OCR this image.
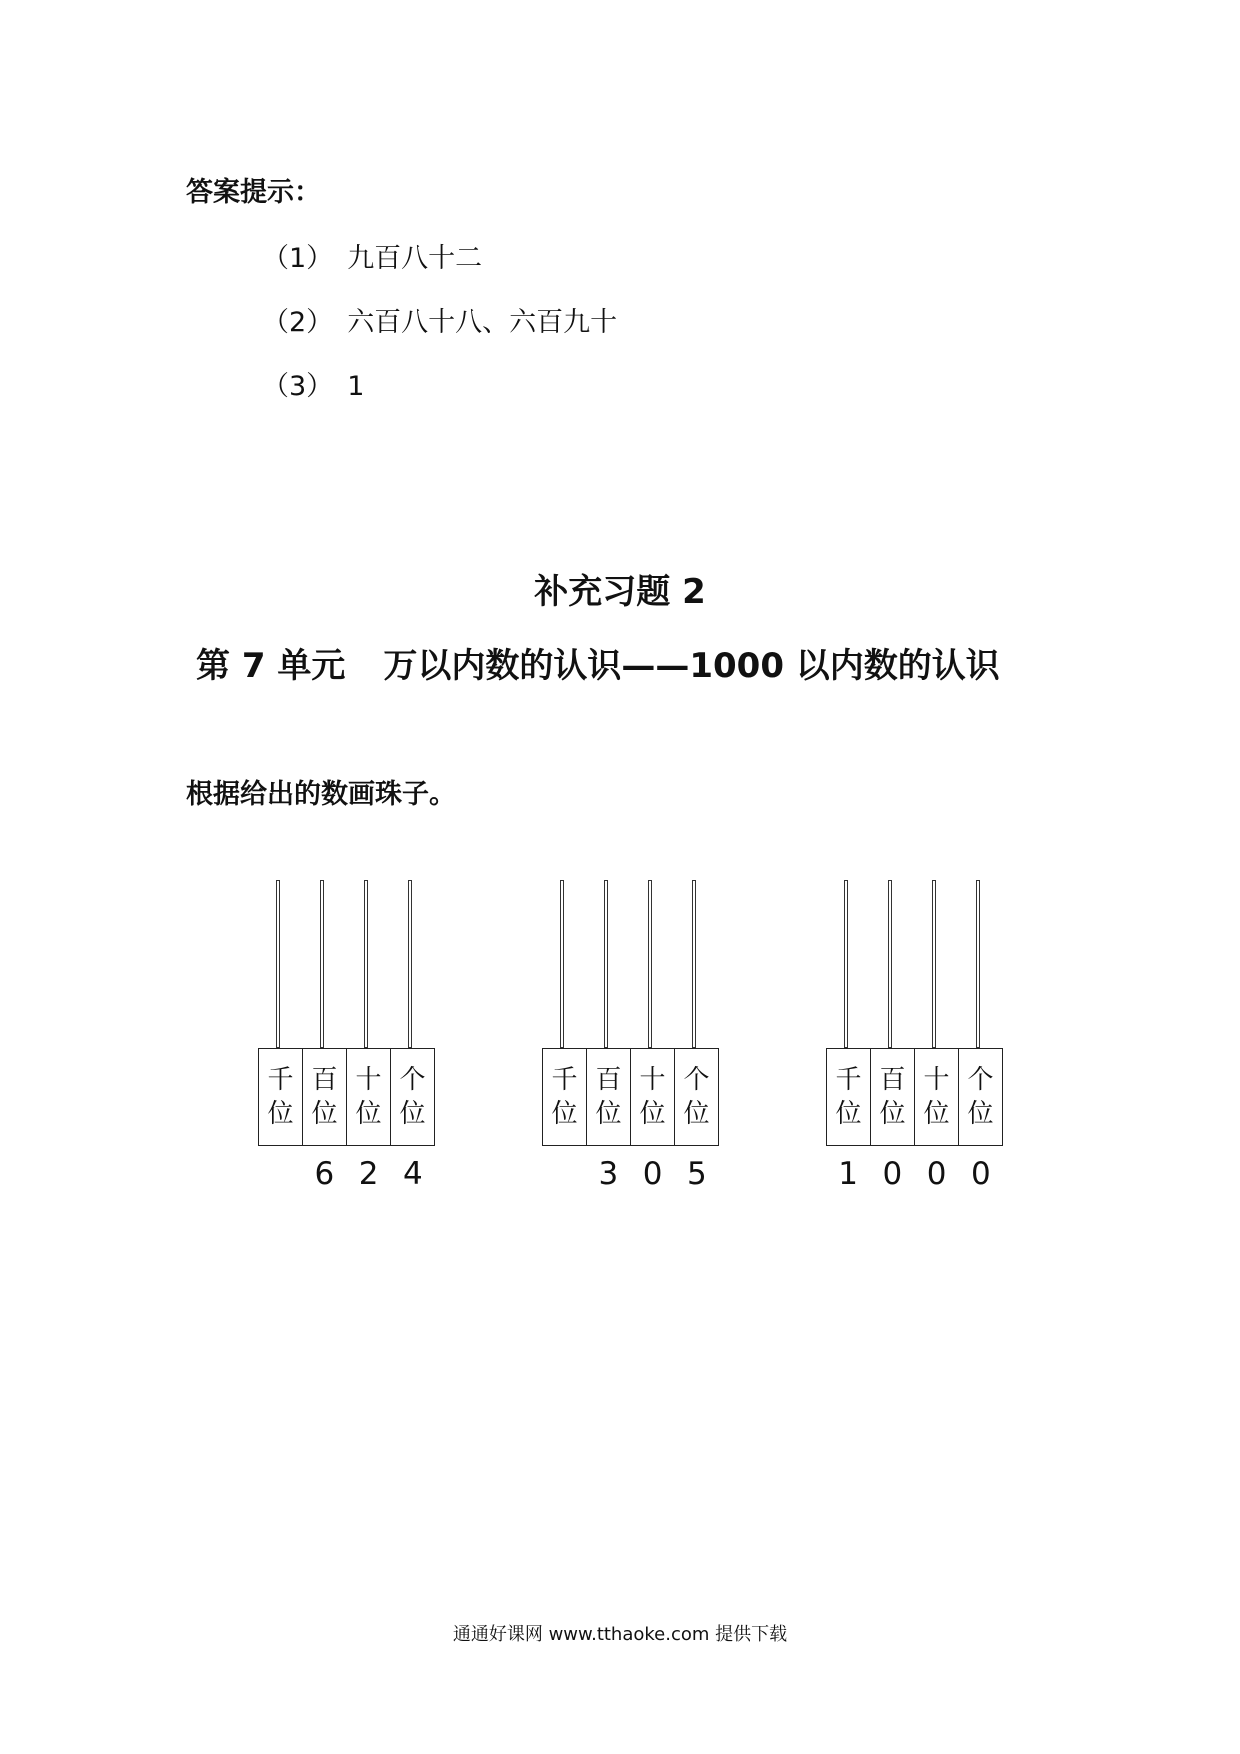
答案提示：
（1） 九百八十二
（2） 六百八十八、六百九十
（3） 1
补充习题 2
第 7 单元 万以内数的认识——1000 以内数的认识
根据给出的数画珠子。
千
位
百
位
十
位
个
位
6 2 4
千
位
百
位
十
位
个
位
3 0 5
千
位
百
位
十
位
个
位
1 0 0 0
通通好课网 www.tthaoke.com 提供下载
